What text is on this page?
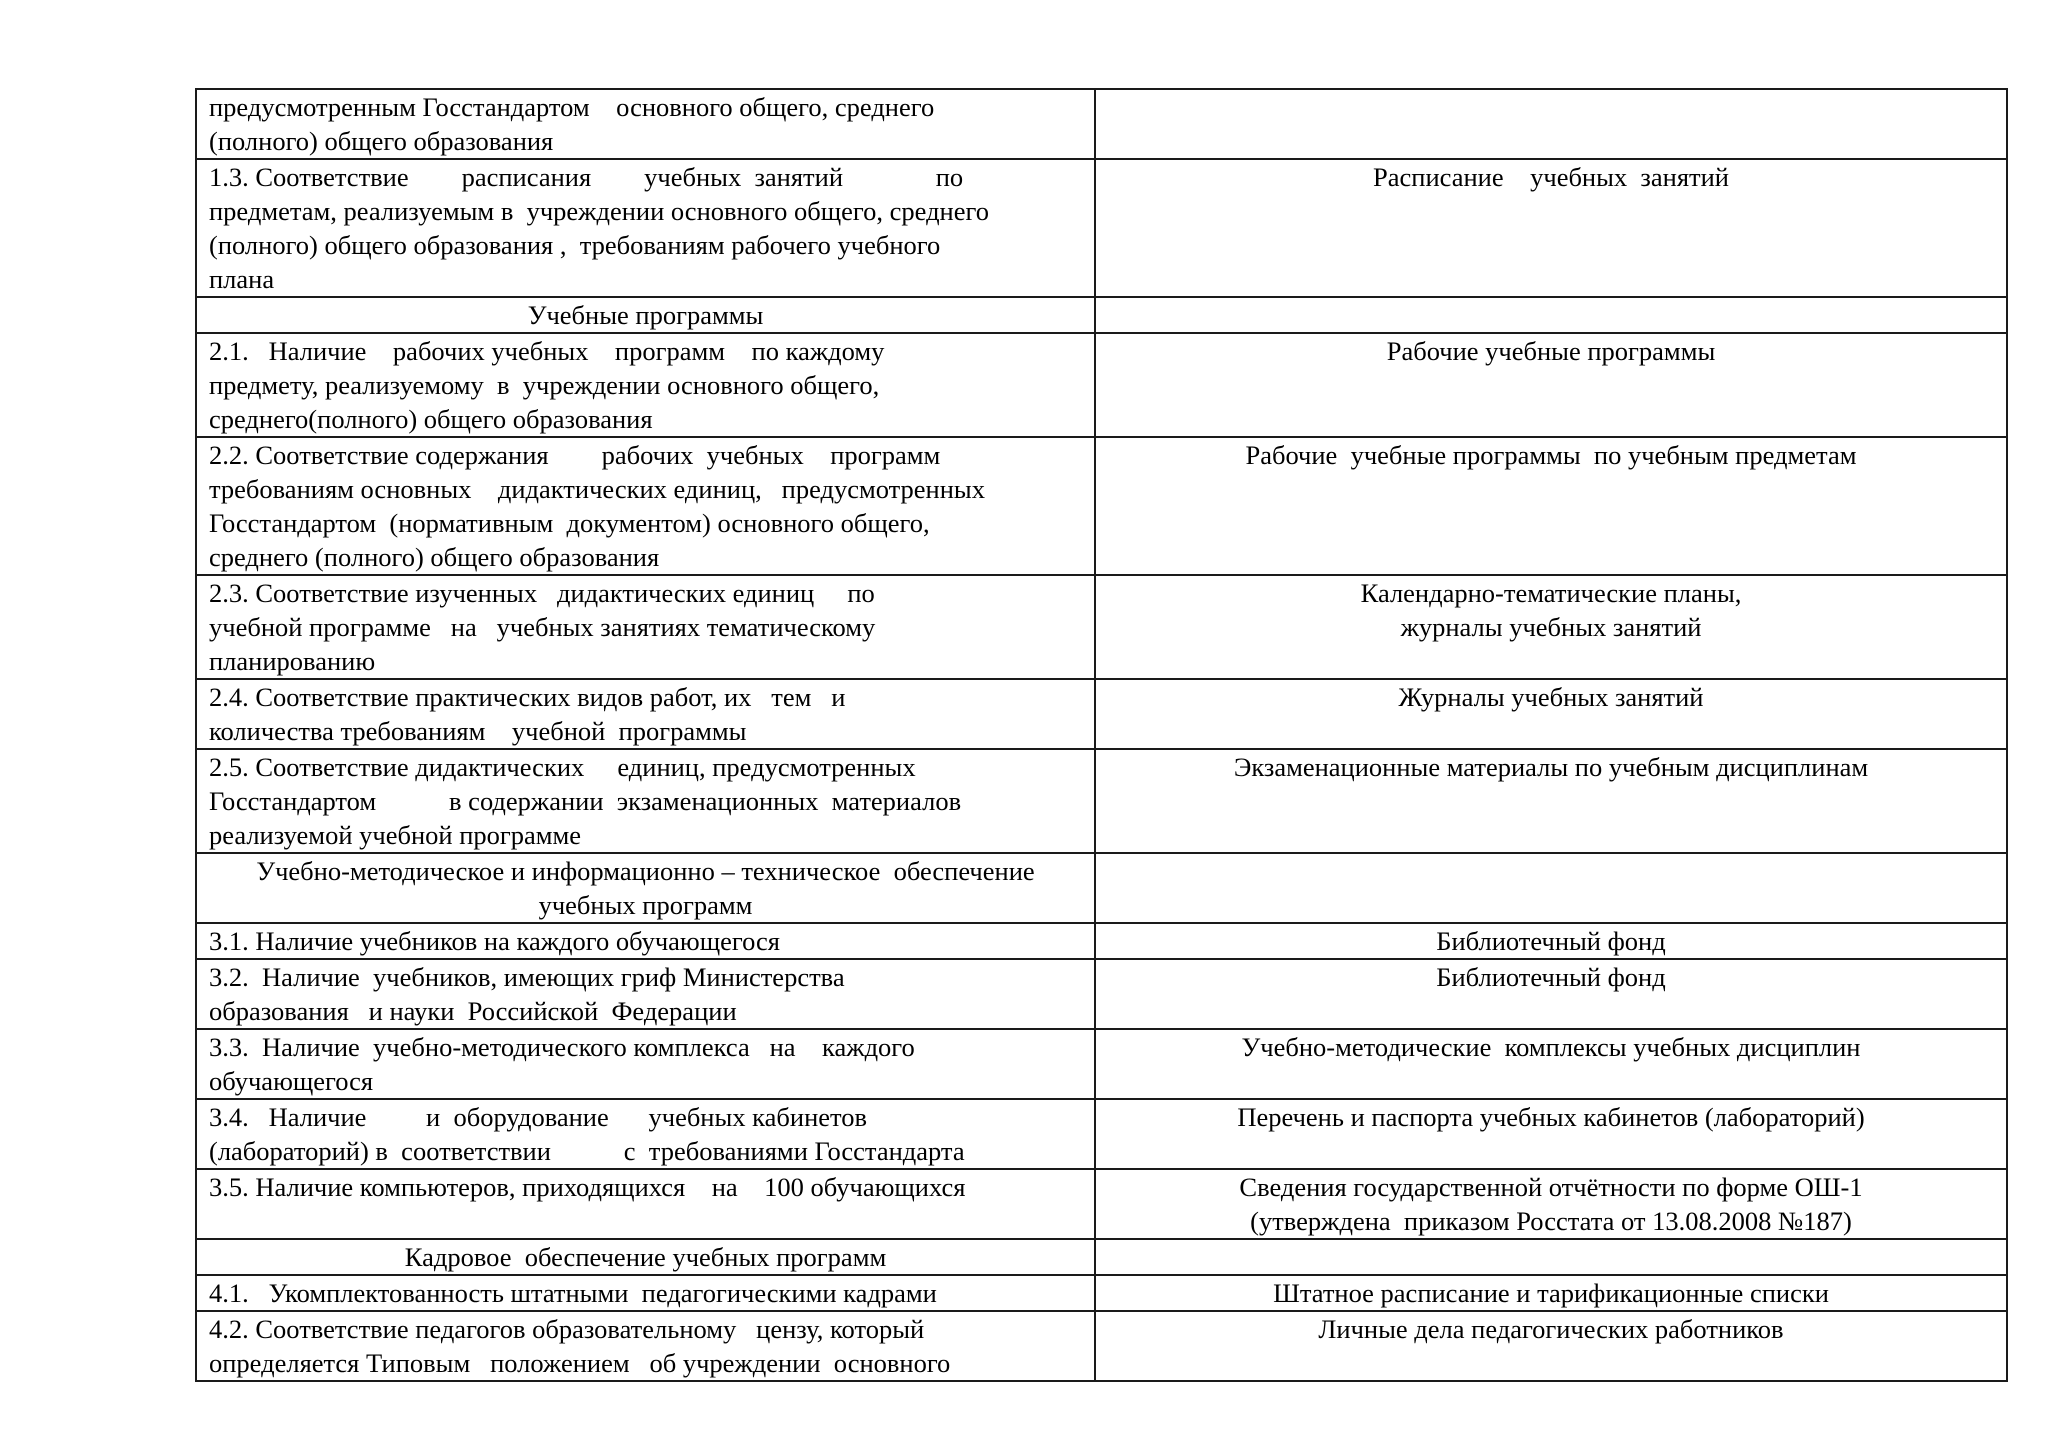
предусмотренным Госстандартом    основного общего, среднего
(полного) общего образования	
1.3. Соответствие        расписания        учебных  занятий              по
предметам, реализуемым в  учреждении основного общего, среднего
(полного) общего образования ,  требованиям рабочего учебного
плана	Расписание    учебных  занятий
Учебные программы	
2.1.   Наличие    рабочих учебных    программ    по каждому
предмету, реализуемому  в  учреждении основного общего,
среднего(полного) общего образования	Рабочие учебные программы
2.2. Соответствие содержания        рабочих  учебных    программ
требованиям основных    дидактических единиц,   предусмотренных
Госстандартом  (нормативным  документом) основного общего,
среднего (полного) общего образования	Рабочие  учебные программы  по учебным предметам
2.3. Соответствие изученных   дидактических единиц     по
учебной программе   на   учебных занятиях тематическому
планированию	Календарно-тематические планы,
журналы учебных занятий
2.4. Соответствие практических видов работ, их   тем   и
количества требованиям    учебной  программы	Журналы учебных занятий
2.5. Соответствие дидактических     единиц, предусмотренных
Госстандартом           в содержании  экзаменационных  материалов
реализуемой учебной программе	Экзаменационные материалы по учебным дисциплинам
Учебно-методическое и информационно – техническое  обеспечение
учебных программ	
3.1. Наличие учебников на каждого обучающегося	Библиотечный фонд
3.2.  Наличие  учебников, имеющих гриф Министерства
образования   и науки  Российской  Федерации	Библиотечный фонд
3.3.  Наличие  учебно-методического комплекса   на    каждого
обучающегося	Учебно-методические  комплексы учебных дисциплин
3.4.   Наличие         и  оборудование      учебных кабинетов
(лабораторий) в  соответствии           с  требованиями Госстандарта	Перечень и паспорта учебных кабинетов (лабораторий)
3.5. Наличие компьютеров, приходящихся    на    100 обучающихся	Сведения государственной отчётности по форме ОШ-1
(утверждена  приказом Росстата от 13.08.2008 №187)
Кадровое  обеспечение учебных программ	
4.1.   Укомплектованность штатными  педагогическими кадрами	Штатное расписание и тарификационные списки
4.2. Соответствие педагогов образовательному   цензу, который
определяется Типовым   положением   об учреждении  основного	Личные дела педагогических работников
